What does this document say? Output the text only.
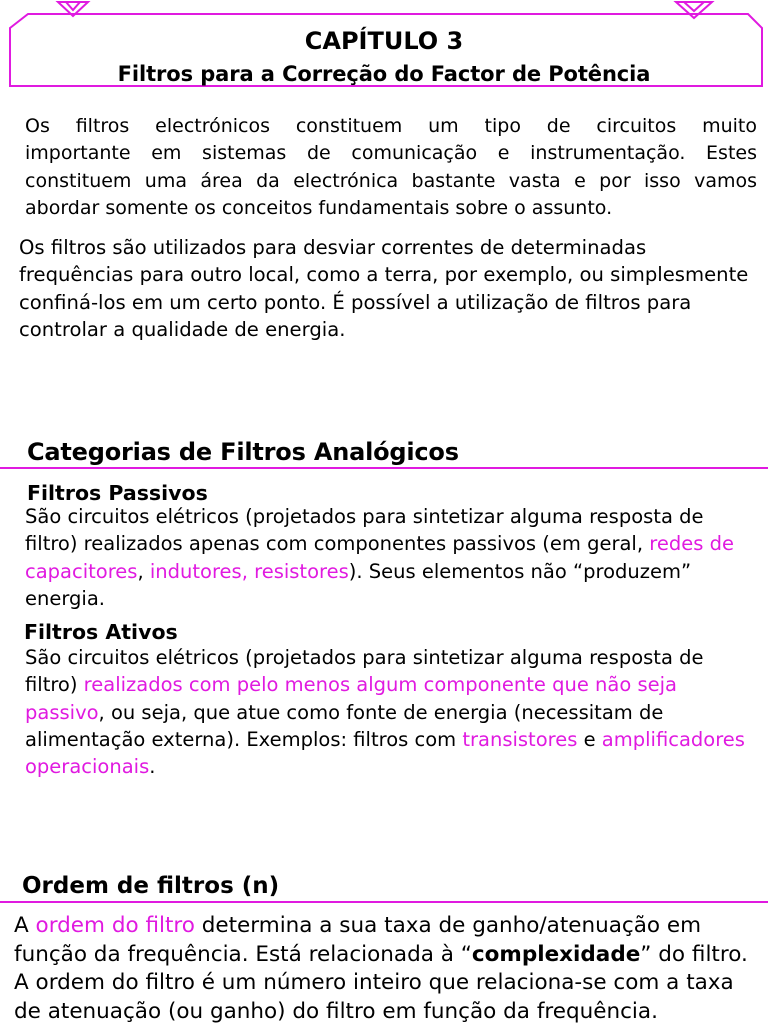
CAPÍTULO 3
Filtros para a Correção do Factor de Potência

Os filtros electrónicos constituem um tipo de circuitos muito
importante em sistemas de comunicação e instrumentação. Estes
constituem uma área da electrónica bastante vasta e por isso vamos
abordar somente os conceitos fundamentais sobre o assunto.

Os filtros são utilizados para desviar correntes de determinadas frequências para outro local, como a terra, por exemplo, ou simplesmente confiná-los em um certo ponto. É possível a utilização de filtros para controlar a qualidade de energia.

Categorias de Filtros Analógicos
Filtros Passivos

São circuitos elétricos (projetados para sintetizar alguma resposta de filtro) realizados apenas com componentes passivos (em geral, redes de capacitores, indutores, resistores). Seus elementos não “produzem” energia.

Filtros Ativos

São circuitos elétricos (projetados para sintetizar alguma resposta de filtro) realizados com pelo menos algum componente que não seja passivo, ou seja, que atue como fonte de energia (necessitam de alimentação externa). Exemplos: filtros com transistores e amplificadores operacionais.

Ordem de filtros (n)

A ordem do filtro determina a sua taxa de ganho/atenuação em função da frequência. Está relacionada à “complexidade” do filtro. A ordem do filtro é um número inteiro que relaciona-se com a taxa de atenuação (ou ganho) do filtro em função da frequência.
